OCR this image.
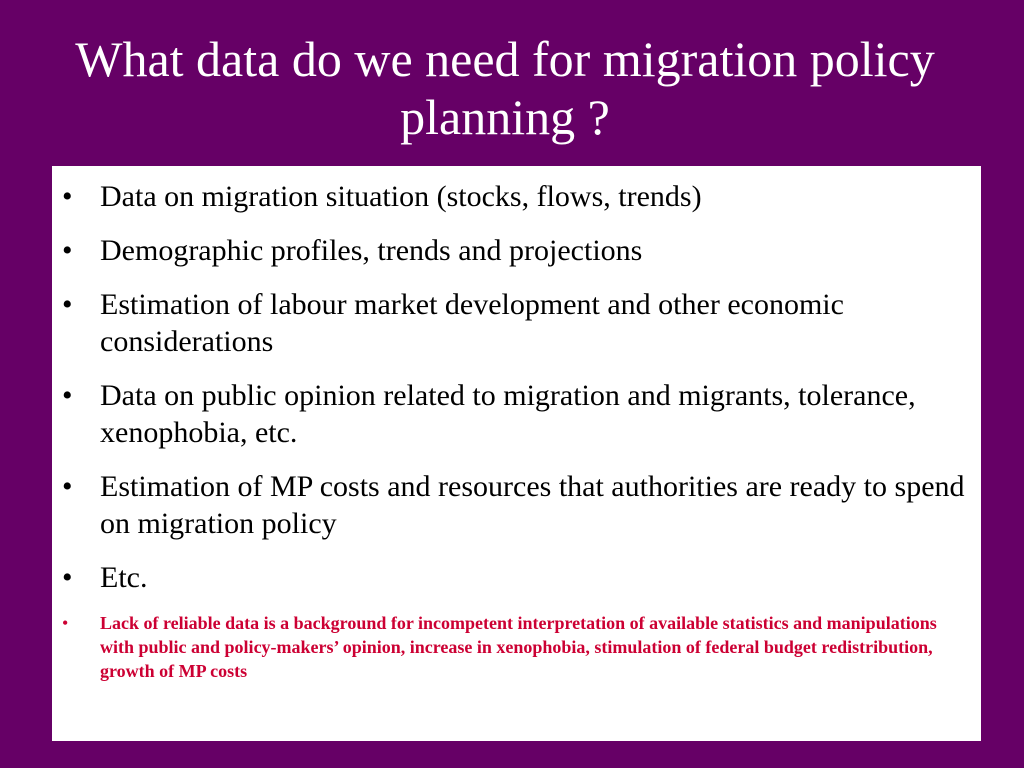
What data do we need for migration policy planning ?
• Data on migration situation (stocks, flows, trends)
• Demographic profiles, trends and projections
• Estimation of labour market development and other economic considerations
• Data on public opinion related to migration and migrants, tolerance, xenophobia, etc.
• Estimation of MP costs and resources that authorities are ready to spend on migration policy
• Etc.
• Lack of reliable data is a background for incompetent interpretation of available statistics and manipulations with public and policy-makers’ opinion, increase in xenophobia, stimulation of federal budget redistribution, growth of MP costs
